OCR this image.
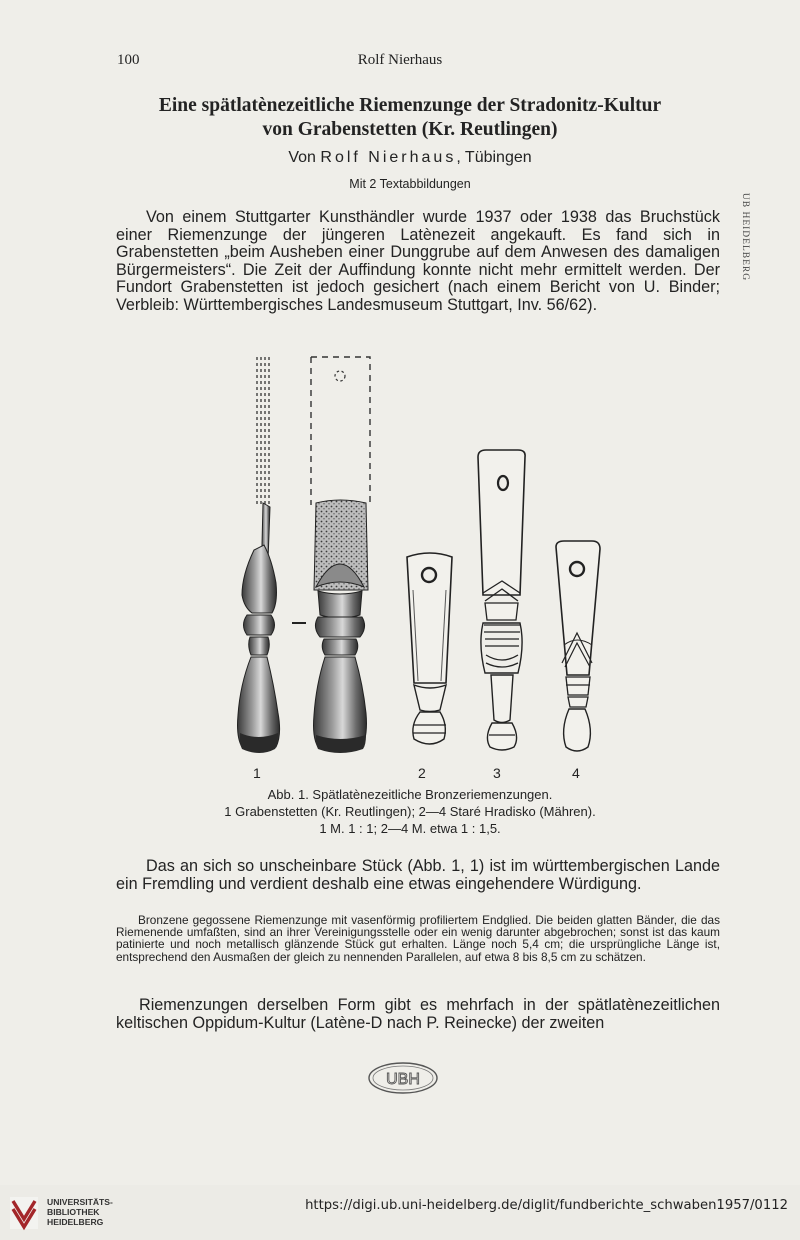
100	Rolf Nierhaus
Eine spätlatènezeitliche Riemenzunge der Stradonitz-Kultur
von Grabenstetten (Kr. Reutlingen)
Von Rolf Nierhaus, Tübingen
Mit 2 Textabbildungen
Von einem Stuttgarter Kunsthändler wurde 1937 oder 1938 das Bruchstück einer Riemenzunge der jüngeren Latènezeit angekauft. Es fand sich in Grabenstetten „beim Ausheben einer Dunggrube auf dem Anwesen des damaligen Bürgermeisters“. Die Zeit der Auffindung konnte nicht mehr ermittelt werden. Der Fundort Grabenstetten ist jedoch gesichert (nach einem Bericht von U. Binder; Verbleib: Württembergisches Landesmuseum Stuttgart, Inv. 56/62).
1	2	3	4
Abb. 1. Spätlatènezeitliche Bronzeriemenzungen.
1 Grabenstetten (Kr. Reutlingen); 2—4 Staré Hradisko (Mähren).
1 M. 1 : 1; 2—4 M. etwa 1 : 1,5.
Das an sich so unscheinbare Stück (Abb. 1, 1) ist im württembergischen Lande ein Fremdling und verdient deshalb eine etwas eingehendere Würdigung.
Bronzene gegossene Riemenzunge mit vasenförmig profiliertem Endglied. Die beiden glatten Bänder, die das Riemenende umfaßten, sind an ihrer Vereinigungsstelle oder ein wenig darunter abgebrochen; sonst ist das kaum patinierte und noch metallisch glänzende Stück gut erhalten. Länge noch 5,4 cm; die ursprüngliche Länge ist, entsprechend den Ausmaßen der gleich zu nennenden Parallelen, auf etwa 8 bis 8,5 cm zu schätzen.
Riemenzungen derselben Form gibt es mehrfach in der spätlatènezeitlichen keltischen Oppidum-Kultur (Latène-D nach P. Reinecke) der zweiten
UB HEIDELBERG
UBH
UNIVERSITÄTS-
BIBLIOTHEK
HEIDELBERG
https://digi.ub.uni-heidelberg.de/diglit/fundberichte_schwaben1957/0112
